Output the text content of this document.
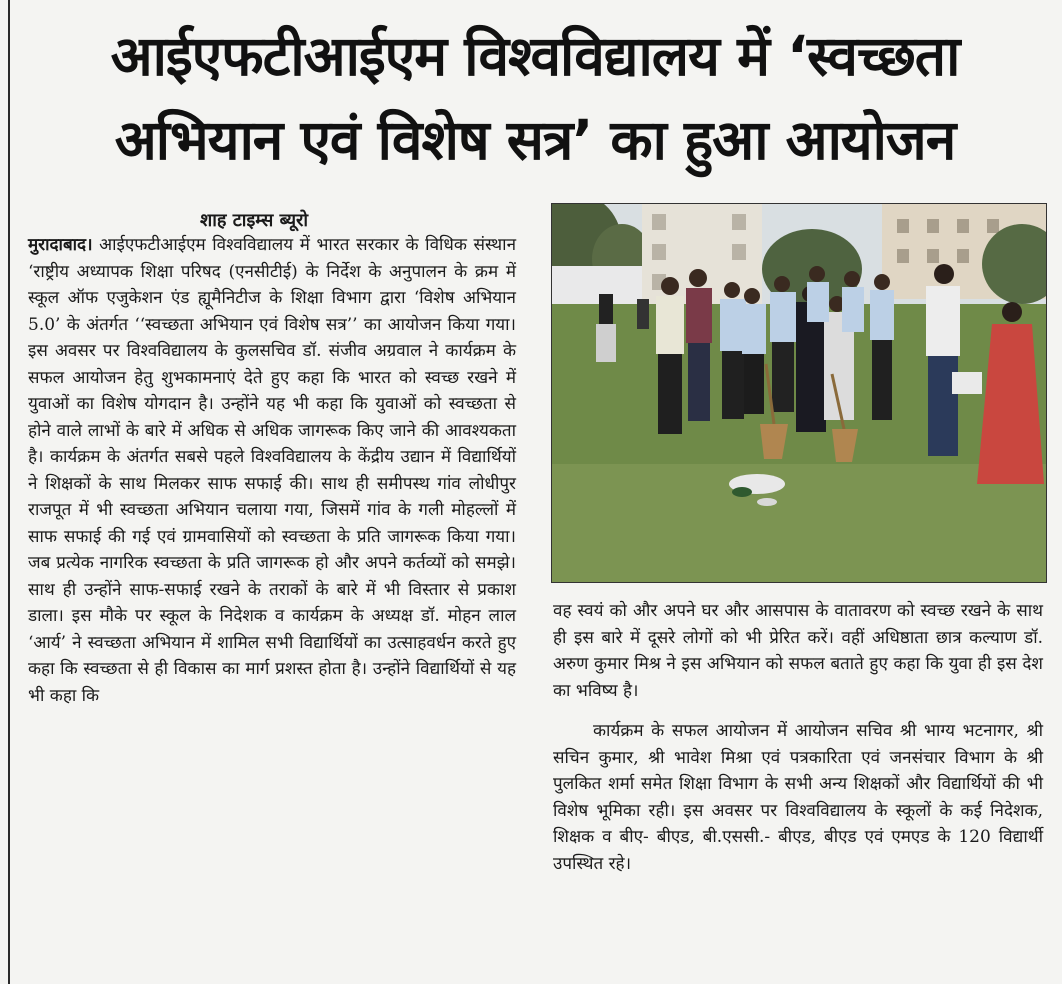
आईएफटीआईएम विश्वविद्यालय में ‘स्वच्छता अभियान एवं विशेष सत्र’ का हुआ आयोजन
शाह टाइम्स ब्यूरो

मुरादाबाद। आईएफटीआईएम विश्वविद्यालय में भारत सरकार के विधिक संस्थान ‘राष्ट्रीय अध्यापक शिक्षा परिषद (एनसीटीई) के निर्देश के अनुपालन के क्रम में स्कूल ऑफ एजुकेशन एंड ह्यूमैनिटीज के शिक्षा विभाग द्वारा ‘विशेष अभियान 5.0’ के अंतर्गत ‘‘स्वच्छता अभियान एवं विशेष सत्र’’ का आयोजन किया गया। इस अवसर पर विश्वविद्यालय के कुलसचिव डॉ. संजीव अग्रवाल ने कार्यक्रम के सफल आयोजन हेतु शुभकामनाएं देते हुए कहा कि भारत को स्वच्छ रखने में युवाओं का विशेष योगदान है। उन्होंने यह भी कहा कि युवाओं को स्वच्छता से होने वाले लाभों के बारे में अधिक से अधिक जागरूक किए जाने की आवश्यकता है। कार्यक्रम के अंतर्गत सबसे पहले विश्वविद्यालय के केंद्रीय उद्यान में विद्यार्थियों ने शिक्षकों के साथ मिलकर साफ सफाई की। साथ ही समीपस्थ गांव लोधीपुर राजपूत में भी स्वच्छता अभियान चलाया गया, जिसमें गांव के गली मोहल्लों में साफ सफाई की गई एवं ग्रामवासियों को स्वच्छता के प्रति जागरूक किया गया। जब प्रत्येक नागरिक स्वच्छता के प्रति जागरूक हो और अपने कर्तव्यों को समझे। साथ ही उन्होंने साफ-सफाई रखने के तराकों के बारे में भी विस्तार से प्रकाश डाला। इस मौके पर स्कूल के निदेशक व कार्यक्रम के अध्यक्ष डॉ. मोहन लाल ‘आर्य’ ने स्वच्छता अभियान में शामिल सभी विद्यार्थियों का उत्साहवर्धन करते हुए कहा कि स्वच्छता से ही विकास का मार्ग प्रशस्त होता है। उन्होंने विद्यार्थियों से यह भी कहा कि

वह स्वयं को और अपने घर और आसपास के वातावरण को स्वच्छ रखने के साथ ही इस बारे में दूसरे लोगों को भी प्रेरित करें। वहीं अधिष्ठाता छात्र कल्याण डॉ. अरुण कुमार मिश्र ने इस अभियान को सफल बताते हुए कहा कि युवा ही इस देश का भविष्य है।

कार्यक्रम के सफल आयोजन में आयोजन सचिव श्री भाग्य भटनागर, श्री सचिन कुमार, श्री भावेश मिश्रा एवं पत्रकारिता एवं जनसंचार विभाग के श्री पुलकित शर्मा समेत शिक्षा विभाग के सभी अन्य शिक्षकों और विद्यार्थियों की भी विशेष भूमिका रही। इस अवसर पर विश्वविद्यालय के स्कूलों के कई निदेशक, शिक्षक व बीए- बीएड, बी.एससी.- बीएड, बीएड एवं एमएड के 120 विद्यार्थी उपस्थित रहे।
